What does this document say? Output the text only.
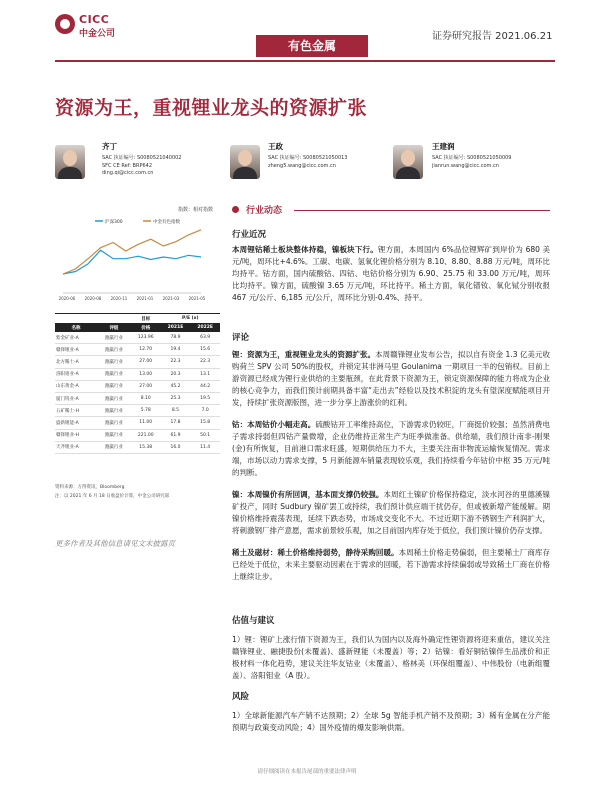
CICC
中金公司
有色金属
证券研究报告 2021.06.21
资源为王，重视锂业龙头的资源扩张
齐丁
SAC 执证编号: S0080521040002
SFC CE Ref: BRP642
ding.qi@cicc.com.cn
王政
SAC 执证编号: S0080521050013
zheng5.wang@cicc.com.cn
王建润
SAC 执证编号: S0080521050009
jianrun.wang@cicc.com.cn
指数：相对指数
沪深300	中金有色指数
2020-06 2020-08 2020-11 2021-01 2021-03 2021-05
		目标	P/E (x)	
名称	评级	价格	2021E	2022E
紫金矿业-A	跑赢行业	123.96	78.9	63.9
赣锋锂业-A	跑赢行业	12.70	19.4	15.6
北方稀土-A	跑赢行业	27.00	22.3	22.3
洛阳钼业-A	跑赢行业	13.00	20.3	13.1
山东黄金-A	跑赢行业	27.00	45.2	44.2
厦门钨业-A	跑赢行业	8.10	25.3	19.5
五矿稀土-H	跑赢行业	5.78	8.5	7.0
盛新锂能-A	跑赢行业	11.00	17.8	15.8
赣锋锂业-H	跑赢行业	221.00	61.9	50.1
天齐锂业-A	跑赢行业	15.38	16.0	11.4
资料来源：万得资讯，Bloomberg
注：以 2021 年 6 月 18 日收盘价计算，中金公司研究部
更多作者及其他信息请见文末披露页
行业动态
行业近况
本周锂钴稀土板块整体持稳，镍板块下行。锂方面，本周国内 6%品位锂辉矿到岸价为 680 美元/吨，周环比+4.6%。工碳、电碳、氢氧化锂价格分别为 8.10、8.80、8.88 万元/吨，周环比均持平。钴方面，国内硫酸钴、四钴、电钴价格分别为 6.90、25.75 和 33.00 万元/吨，周环比均持平。镍方面，硫酸镍 3.65 万元/吨，环比持平。稀土方面，氧化镨钕、氧化铽分别收报 467 元/公斤、6,185 元/公斤，周环比分别-0.4%、持平。
评论
锂：资源为王，重视锂业龙头的资源扩张。本周赣锋锂业发布公告，拟以自有资金 1.3 亿美元收购荷兰 SPV 公司 50%的股权，并锁定其非洲马里 Goulanima 一期项目一半的包销权。目前上游资源已经成为锂行业供给的主要瓶颈，在此背景下资源为王，锁定资源保障的能力将成为企业的核心竞争力，而我们预计前期具备丰富“走出去”经验以及技术积淀的龙头有望深度赋能项目开发，持续扩张资源版图，进一步分享上游涨价的红利。
钴：本周钴价小幅走高。硫酸钴开工率维持高位，下游需求仍较旺，厂商挺价较强；虽然消费电子需求持弱但四钴产量微增，企业仍维持正常生产为旺季做准备。供给端，我们预计南非-刚果(金)有所恢复，目前港口需求旺盛，短期供给压力不大，主要关注南非物流运输恢复情况。需求端，市场以动力需求支撑，5 月新能源车销量表现较乐观，我们持续看今年钴价中枢 35 万元/吨的判断。
镍：本周镍价有所回调，基本面支撑仍较强。本周红土镍矿价格保持稳定，淡水河谷的里德溪镍矿投产，同时 Sudbury 镍矿罢工或持续，我们预计供应端干扰仍存，但或被新增产能缓解。期镍价格维持震荡表现，延续下跌态势，市场成交变化不大。不过近期下游不锈钢生产利润扩大，将刺激钢厂排产意愿，需求前景较乐观，加之目前国内库存处于低位，我们预计镍价仍存支撑。
稀土及磁材：稀土价格维持弱势，静待采购回暖。本周稀土价格走势偏弱，但主要稀土厂商库存已经处于低位，未来主要驱动因素在于需求的回暖，若下游需求持续偏弱或导致稀土厂商在价格上继续让步。
估值与建议
1）锂：锂矿上涨行情下资源为王，我们认为国内以及海外确定性锂资源将迎来重估，建议关注赣锋锂业、融捷股份(未覆盖)、盛新锂能（未覆盖）等；2）钴镍：看好铜钴镍伴生品涨价和正极材料一体化趋势，建议关注华友钴业（未覆盖）、格林美（环保组覆盖）、中伟股份（电新组覆盖）、洛阳钼业（A 股）。
风险
1）全球新能源汽车产销不达预期；2）全球 5g 智能手机产销不及预期；3）稀有金属在分产能预期与政策变动风险；4）国外疫情的爆发影响供需。
请仔细阅读在本报告尾部的重要法律声明
